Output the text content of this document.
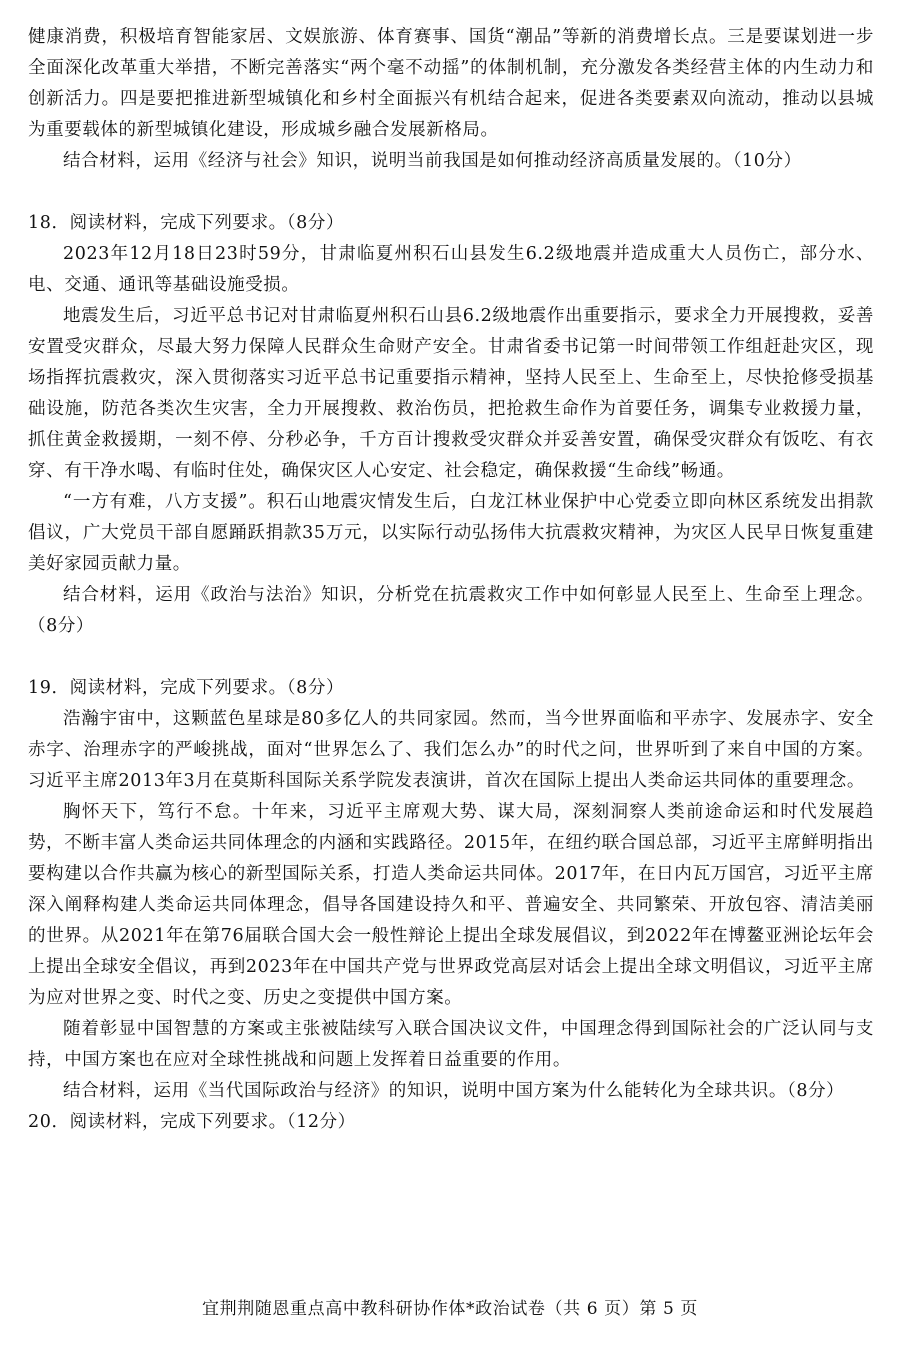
健康消费，积极培育智能家居、文娱旅游、体育赛事、国货“潮品”等新的消费增长点。三是要谋划进一步全面深化改革重大举措，不断完善落实“两个毫不动摇”的体制机制，充分激发各类经营主体的内生动力和创新活力。四是要把推进新型城镇化和乡村全面振兴有机结合起来，促进各类要素双向流动，推动以县城为重要载体的新型城镇化建设，形成城乡融合发展新格局。

结合材料，运用《经济与社会》知识，说明当前我国是如何推动经济高质量发展的。（10分）

18．阅读材料，完成下列要求。（8分）

2023年12月18日23时59分，甘肃临夏州积石山县发生6.2级地震并造成重大人员伤亡，部分水、电、交通、通讯等基础设施受损。

地震发生后，习近平总书记对甘肃临夏州积石山县6.2级地震作出重要指示，要求全力开展搜救，妥善安置受灾群众，尽最大努力保障人民群众生命财产安全。甘肃省委书记第一时间带领工作组赶赴灾区，现场指挥抗震救灾，深入贯彻落实习近平总书记重要指示精神，坚持人民至上、生命至上，尽快抢修受损基础设施，防范各类次生灾害，全力开展搜救、救治伤员，把抢救生命作为首要任务，调集专业救援力量，抓住黄金救援期，一刻不停、分秒必争，千方百计搜救受灾群众并妥善安置，确保受灾群众有饭吃、有衣穿、有干净水喝、有临时住处，确保灾区人心安定、社会稳定，确保救援“生命线”畅通。

“一方有难，八方支援”。积石山地震灾情发生后，白龙江林业保护中心党委立即向林区系统发出捐款倡议，广大党员干部自愿踊跃捐款35万元，以实际行动弘扬伟大抗震救灾精神，为灾区人民早日恢复重建美好家园贡献力量。

结合材料，运用《政治与法治》知识，分析党在抗震救灾工作中如何彰显人民至上、生命至上理念。（8分）

19．阅读材料，完成下列要求。（8分）

浩瀚宇宙中，这颗蓝色星球是80多亿人的共同家园。然而，当今世界面临和平赤字、发展赤字、安全赤字、治理赤字的严峻挑战，面对“世界怎么了、我们怎么办”的时代之问，世界听到了来自中国的方案。习近平主席2013年3月在莫斯科国际关系学院发表演讲，首次在国际上提出人类命运共同体的重要理念。

胸怀天下，笃行不怠。十年来，习近平主席观大势、谋大局，深刻洞察人类前途命运和时代发展趋势，不断丰富人类命运共同体理念的内涵和实践路径。2015年，在纽约联合国总部，习近平主席鲜明指出要构建以合作共赢为核心的新型国际关系，打造人类命运共同体。2017年，在日内瓦万国宫，习近平主席深入阐释构建人类命运共同体理念，倡导各国建设持久和平、普遍安全、共同繁荣、开放包容、清洁美丽的世界。从2021年在第76届联合国大会一般性辩论上提出全球发展倡议，到2022年在博鳌亚洲论坛年会上提出全球安全倡议，再到2023年在中国共产党与世界政党高层对话会上提出全球文明倡议，习近平主席为应对世界之变、时代之变、历史之变提供中国方案。

随着彰显中国智慧的方案或主张被陆续写入联合国决议文件，中国理念得到国际社会的广泛认同与支持，中国方案也在应对全球性挑战和问题上发挥着日益重要的作用。

结合材料，运用《当代国际政治与经济》的知识，说明中国方案为什么能转化为全球共识。（8分）

20．阅读材料，完成下列要求。（12分）

宜荆荆随恩重点高中教科研协作体*政治试卷（共 6 页）第 5 页
